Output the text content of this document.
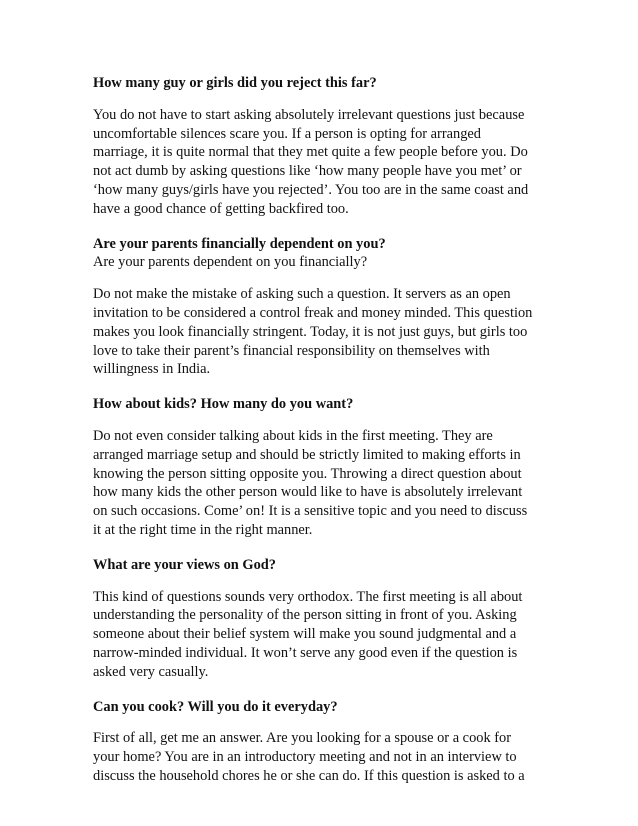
How many guy or girls did you reject this far?

You do not have to start asking absolutely irrelevant questions just because
uncomfortable silences scare you. If a person is opting for arranged
marriage, it is quite normal that they met quite a few people before you. Do
not act dumb by asking questions like ‘how many people have you met’ or
‘how many guys/girls have you rejected’. You too are in the same coast and
have a good chance of getting backfired too.

Are your parents financially dependent on you?

Are your parents dependent on you financially?

Do not make the mistake of asking such a question. It servers as an open
invitation to be considered a control freak and money minded. This question
makes you look financially stringent. Today, it is not just guys, but girls too
love to take their parent’s financial responsibility on themselves with
willingness in India.

How about kids? How many do you want?

Do not even consider talking about kids in the first meeting. They are
arranged marriage setup and should be strictly limited to making efforts in
knowing the person sitting opposite you. Throwing a direct question about
how many kids the other person would like to have is absolutely irrelevant
on such occasions. Come’ on! It is a sensitive topic and you need to discuss
it at the right time in the right manner.

What are your views on God?

This kind of questions sounds very orthodox. The first meeting is all about
understanding the personality of the person sitting in front of you. Asking
someone about their belief system will make you sound judgmental and a
narrow-minded individual. It won’t serve any good even if the question is
asked very casually.

Can you cook? Will you do it everyday?

First of all, get me an answer. Are you looking for a spouse or a cook for
your home? You are in an introductory meeting and not in an interview to
discuss the household chores he or she can do. If this question is asked to a
